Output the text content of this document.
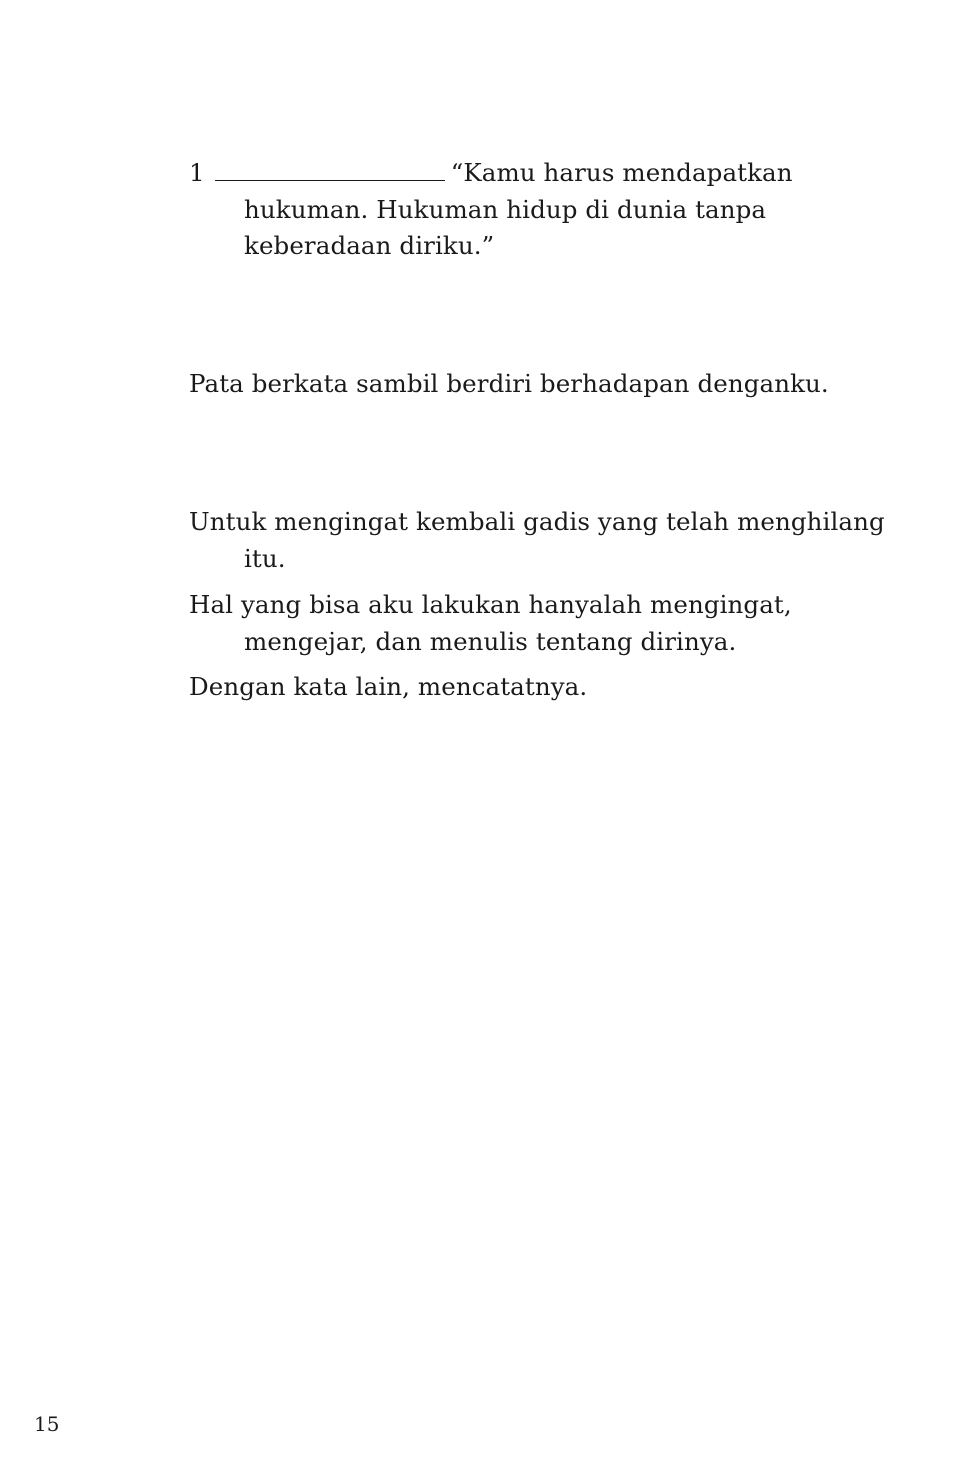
1	“Kamu harus mendapatkan hukuman. Hukuman hidup di dunia tanpa keberadaan diriku.”

Pata berkata sambil berdiri berhadapan denganku.

Untuk mengingat kembali gadis yang telah menghilang itu.

Hal yang bisa aku lakukan hanyalah mengingat, mengejar, dan menulis tentang dirinya.

Dengan kata lain, mencatatnya.

15
